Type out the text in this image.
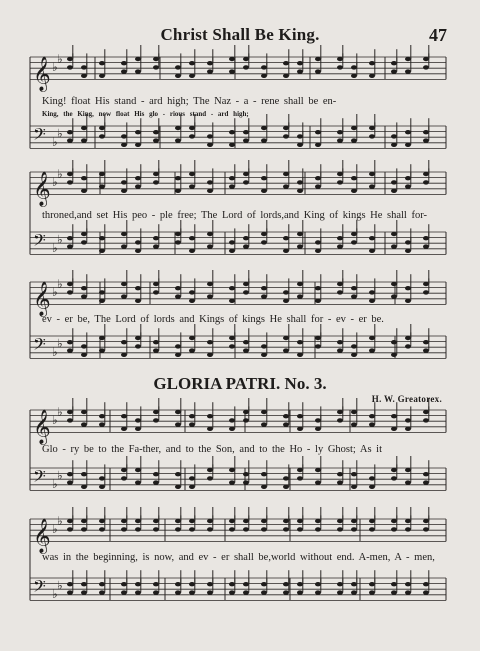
Christ Shall Be King.	47
𝄞
𝄢
♭
♭
♭
♭
𝄞
𝄢
♭
♭
♭
♭
𝄞
𝄢
♭
♭
♭
♭
𝄞
𝄢
♭
♭
♭
♭
𝄞
𝄢
♭
♭
♭
♭
King! float His stand - ard high; The Naz - a - rene shall be en-
King, the King, now float His glo - rious stand - ard high;
throned,and set His peo - ple free; The Lord of lords,and King of kings He shall for-
ev - er be, The Lord of lords and Kings of kings He shall for - ev - er be.
GLORIA PATRI. No. 3.
H. W. Greatorex.
Glo - ry be to the Fa-ther, and to the Son, and to the Ho - ly Ghost; As it
was in the beginning, is now, and ev - er shall be,world without end. A-men, A - men,
